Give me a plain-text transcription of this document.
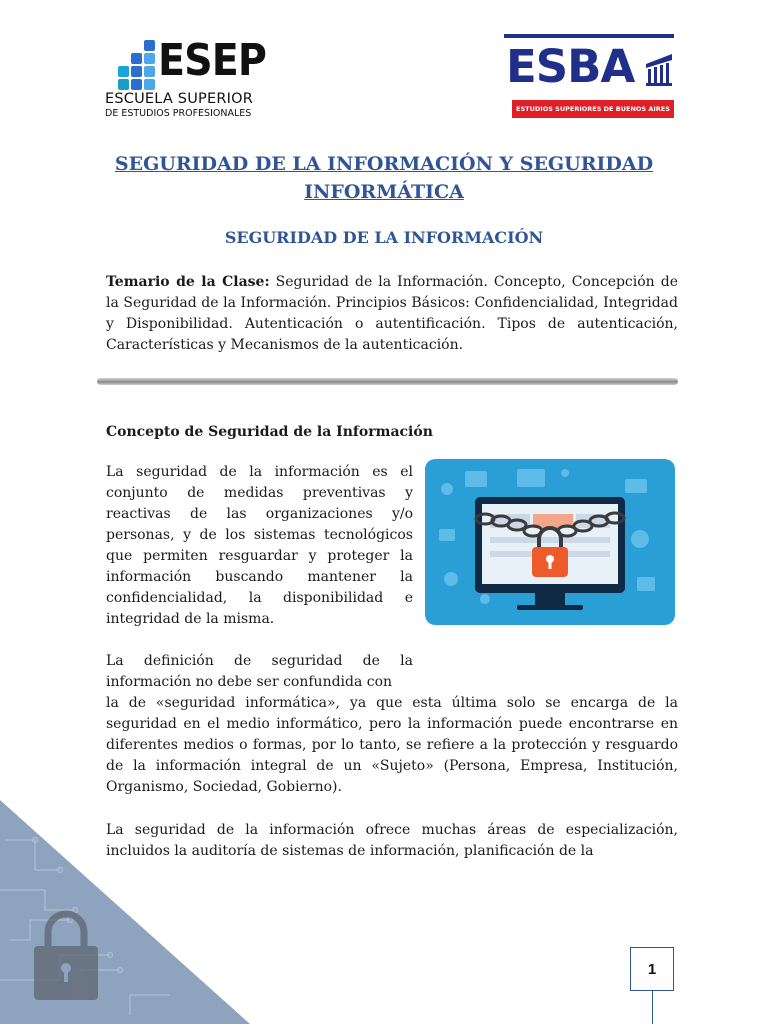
ESEP
ESCUELA SUPERIOR
DE ESTUDIOS PROFESIONALES
ESBA
ESTUDIOS SUPERIORES DE BUENOS AIRES
SEGURIDAD DE LA INFORMACIÓN Y SEGURIDAD INFORMÁTICA
SEGURIDAD DE LA INFORMACIÓN
Temario de la Clase: Seguridad de la Información. Concepto, Concepción de la Seguridad de la Información. Principios Básicos: Confidencialidad, Integridad y Disponibilidad. Autenticación o autentificación. Tipos de autenticación, Características y Mecanismos de la autenticación.
Concepto de Seguridad de la Información
La seguridad de la información es el conjunto de medidas preventivas y reactivas de las organizaciones y/o personas, y de los sistemas tecnológicos que permiten resguardar y proteger la información buscando mantener la confidencialidad, la disponibilidad e integridad de la misma.
La definición de seguridad de la información no debe ser confundida con
la de «seguridad informática», ya que esta última solo se encarga de la seguridad en el medio informático, pero la información puede encontrarse en diferentes medios o formas, por lo tanto, se refiere a la protección y resguardo de la información integral de un «Sujeto» (Persona, Empresa, Institución, Organismo, Sociedad, Gobierno).
La seguridad de la información ofrece muchas áreas de especialización, incluidos la auditoría de sistemas de información, planificación de la
1
